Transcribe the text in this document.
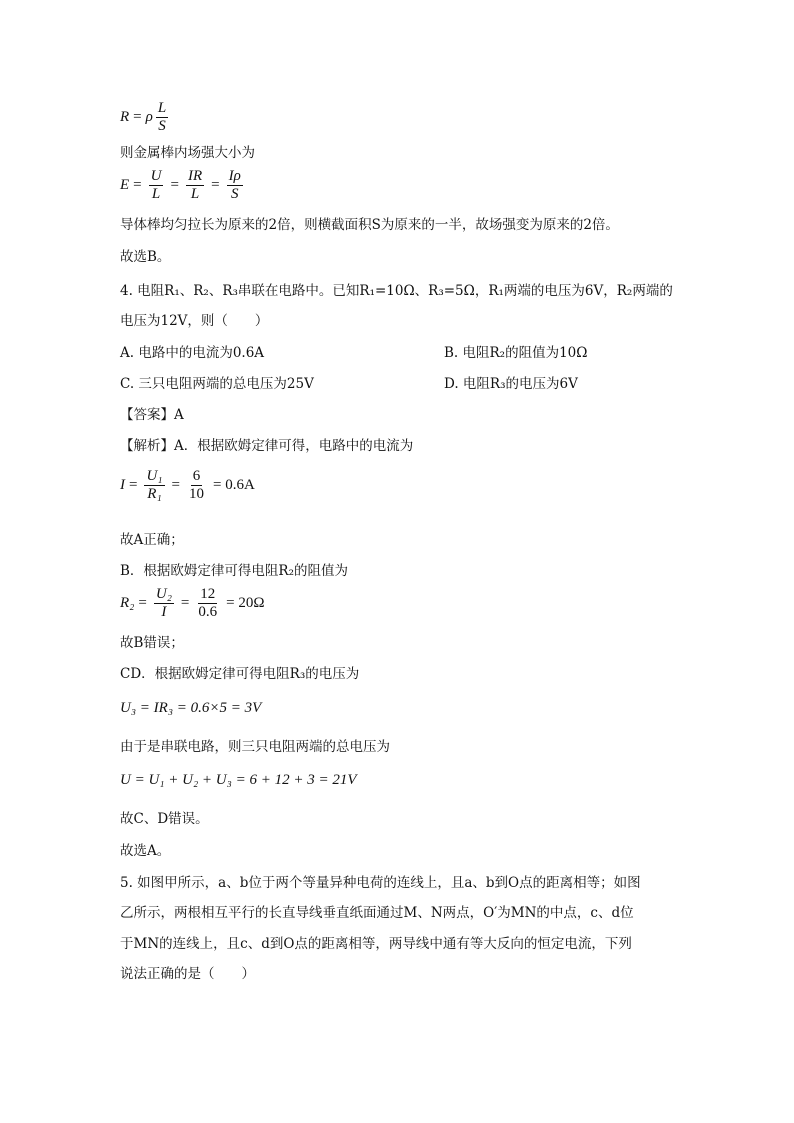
R = ρ $\frac{L}{S}$
则金属棒内场强大小为
$E = \frac{U}{L} = \frac{IR}{L} = \frac{I\rho}{S}$
导体棒均匀拉长为原来的2倍，则横截面积S为原来的一半，故场强变为原来的2倍。
故选B。
4. 电阻R₁、R₂、R₃串联在电路中。已知R₁=10Ω、R₃=5Ω，R₁两端的电压为6V，R₂两端的
电压为12V，则（　　）
A. 电路中的电流为0.6A	B. 电阻R₂的阻值为10Ω
C. 三只电阻两端的总电压为25V	D. 电阻R₃的电压为6V
【答案】A
【解析】A．根据欧姆定律可得，电路中的电流为
$I = \frac{\text{U₁}}{\text{R₁}} = \frac{6}{10} = 0.6A$
故A正确；
B．根据欧姆定律可得电阻R₂的阻值为
$R_2 = \frac{\text{U₂}}{I} = \frac{12}{0.6} = 20\Omega$
故B错误；
CD．根据欧姆定律可得电阻R₃的电压为
U₃ = IR₃ = 0.6×5 = 3V
由于是串联电路，则三只电阻两端的总电压为
U = U₁ + U₂ + U₃ = 6 + 12 + 3 = 21V
故C、D错误。
故选A。
5. 如图甲所示，a、b位于两个等量异种电荷的连线上，且a、b到O点的距离相等；如图
乙所示，两根相互平行的长直导线垂直纸面通过M、N两点，O′为MN的中点，c、d位
于MN的连线上，且c、d到O点的距离相等，两导线中通有等大反向的恒定电流，下列
说法正确的是（　　）
